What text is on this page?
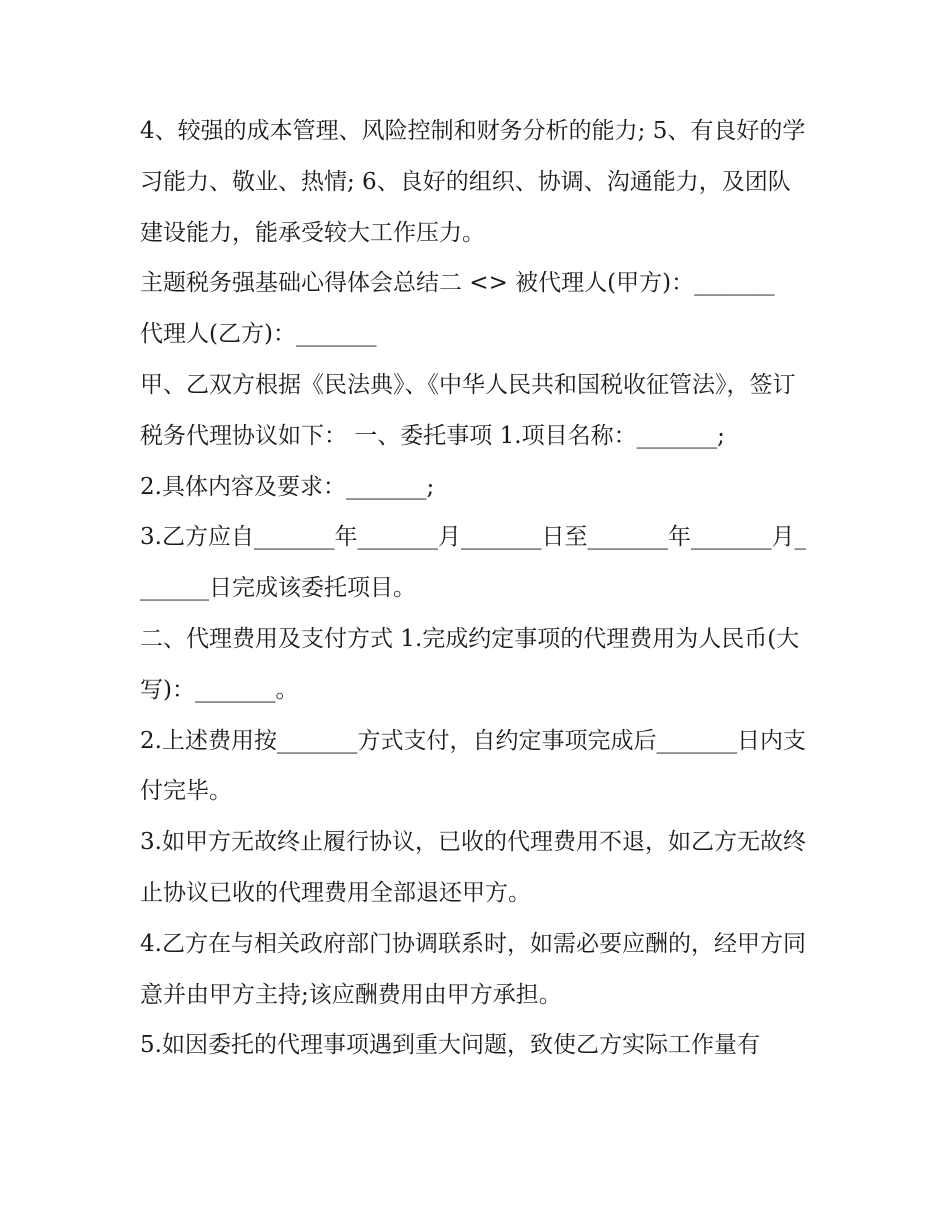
4、较强的成本管理、风险控制和财务分析的能力; 5、有良好的学习能力、敬业、热情; 6、良好的组织、协调、沟通能力，及团队建设能力，能承受较大工作压力。

主题税务强基础心得体会总结二 <> 被代理人(甲方)：_______

代理人(乙方)：_______

甲、乙双方根据《民法典》、《中华人民共和国税收征管法》，签订税务代理协议如下： 一、委托事项 1.项目名称：_______;

2.具体内容及要求：_______;

3.乙方应自_______年_______月_______日至_______年_______月_______日完成该委托项目。

二、代理费用及支付方式 1.完成约定事项的代理费用为人民币(大写)：_______。

2.上述费用按_______方式支付，自约定事项完成后_______日内支付完毕。

3.如甲方无故终止履行协议，已收的代理费用不退，如乙方无故终止协议已收的代理费用全部退还甲方。

4.乙方在与相关政府部门协调联系时，如需必要应酬的，经甲方同意并由甲方主持;该应酬费用由甲方承担。

5.如因委托的代理事项遇到重大问题，致使乙方实际工作量有
